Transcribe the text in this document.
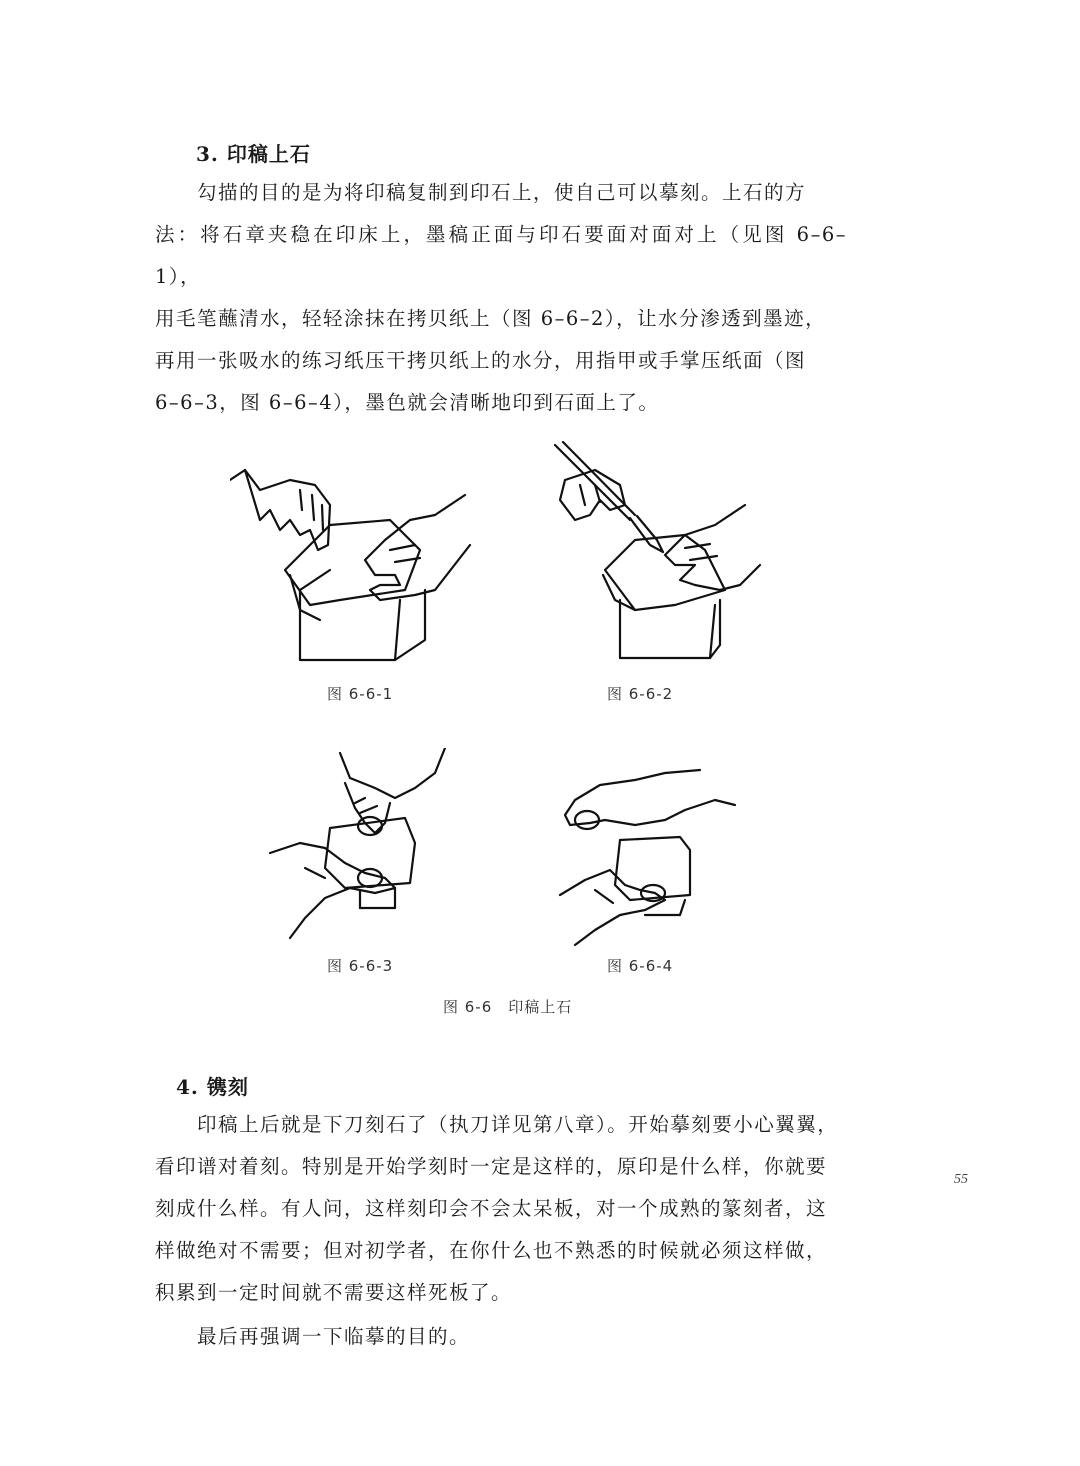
3. 印稿上石
勾描的目的是为将印稿复制到印石上，使自己可以摹刻。上石的方
法：将石章夹稳在印床上，墨稿正面与印石要面对面对上（见图 6–6–1），
用毛笔蘸清水，轻轻涂抹在拷贝纸上（图 6–6–2），让水分渗透到墨迹，
再用一张吸水的练习纸压干拷贝纸上的水分，用指甲或手掌压纸面（图
6–6–3，图 6–6–4），墨色就会清晰地印到石面上了。
图 6-6-1	图 6-6-2
图 6-6-3	图 6-6-4
图 6-6　印稿上石
4. 镌刻
印稿上后就是下刀刻石了（执刀详见第八章）。开始摹刻要小心翼翼，
看印谱对着刻。特别是开始学刻时一定是这样的，原印是什么样，你就要
刻成什么样。有人问，这样刻印会不会太呆板，对一个成熟的篆刻者，这
样做绝对不需要；但对初学者，在你什么也不熟悉的时候就必须这样做，
积累到一定时间就不需要这样死板了。
最后再强调一下临摹的目的。
55
